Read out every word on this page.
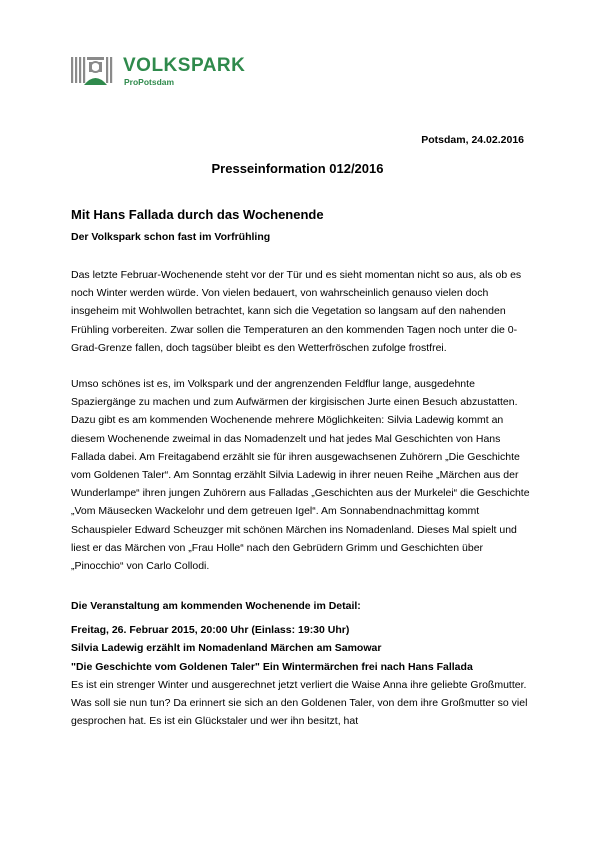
VOLKSPARK
ProPotsdam
Potsdam, 24.02.2016
Presseinformation 012/2016
Mit Hans Fallada durch das Wochenende

Der Volkspark schon fast im Vorfrühling

Das letzte Februar-Wochenende steht vor der Tür und es sieht momentan nicht so aus, als ob es noch Winter werden würde. Von vielen bedauert, von wahrscheinlich genauso vielen doch insgeheim mit Wohlwollen betrachtet, kann sich die Vegetation so langsam auf den nahenden Frühling vorbereiten. Zwar sollen die Temperaturen an den kommenden Tagen noch unter die 0-Grad-Grenze fallen, doch tagsüber bleibt es den Wetterfröschen zufolge frostfrei.

Umso schönes ist es, im Volkspark und der angrenzenden Feldflur lange, ausgedehnte Spaziergänge zu machen und zum Aufwärmen der kirgisischen Jurte einen Besuch abzustatten. Dazu gibt es am kommenden Wochenende mehrere Möglichkeiten: Silvia Ladewig kommt an diesem Wochenende zweimal in das Nomadenzelt und hat jedes Mal Geschichten von Hans Fallada dabei. Am Freitagabend erzählt sie für ihren ausgewachsenen Zuhörern „Die Geschichte vom Goldenen Taler“. Am Sonntag erzählt Silvia Ladewig in ihrer neuen Reihe „Märchen aus der Wunderlampe“ ihren jungen Zuhörern aus Falladas „Geschichten aus der Murkelei“ die Geschichte „Vom Mäusecken Wackelohr und dem getreuen Igel“. Am Sonnabendnachmittag kommt Schauspieler Edward Scheuzger mit schönen Märchen ins Nomadenland. Dieses Mal spielt und liest er das Märchen von „Frau Holle“ nach den Gebrüdern Grimm und Geschichten über „Pinocchio“ von Carlo Collodi.

Die Veranstaltung am kommenden Wochenende im Detail:

Freitag, 26. Februar 2015, 20:00 Uhr (Einlass: 19:30 Uhr)

Silvia Ladewig erzählt im Nomadenland Märchen am Samowar

"Die Geschichte vom Goldenen Taler" Ein Wintermärchen frei nach Hans Fallada

Es ist ein strenger Winter und ausgerechnet jetzt verliert die Waise Anna ihre geliebte Großmutter. Was soll sie nun tun? Da erinnert sie sich an den Goldenen Taler, von dem ihre Großmutter so viel gesprochen hat. Es ist ein Glückstaler und wer ihn besitzt, hat
